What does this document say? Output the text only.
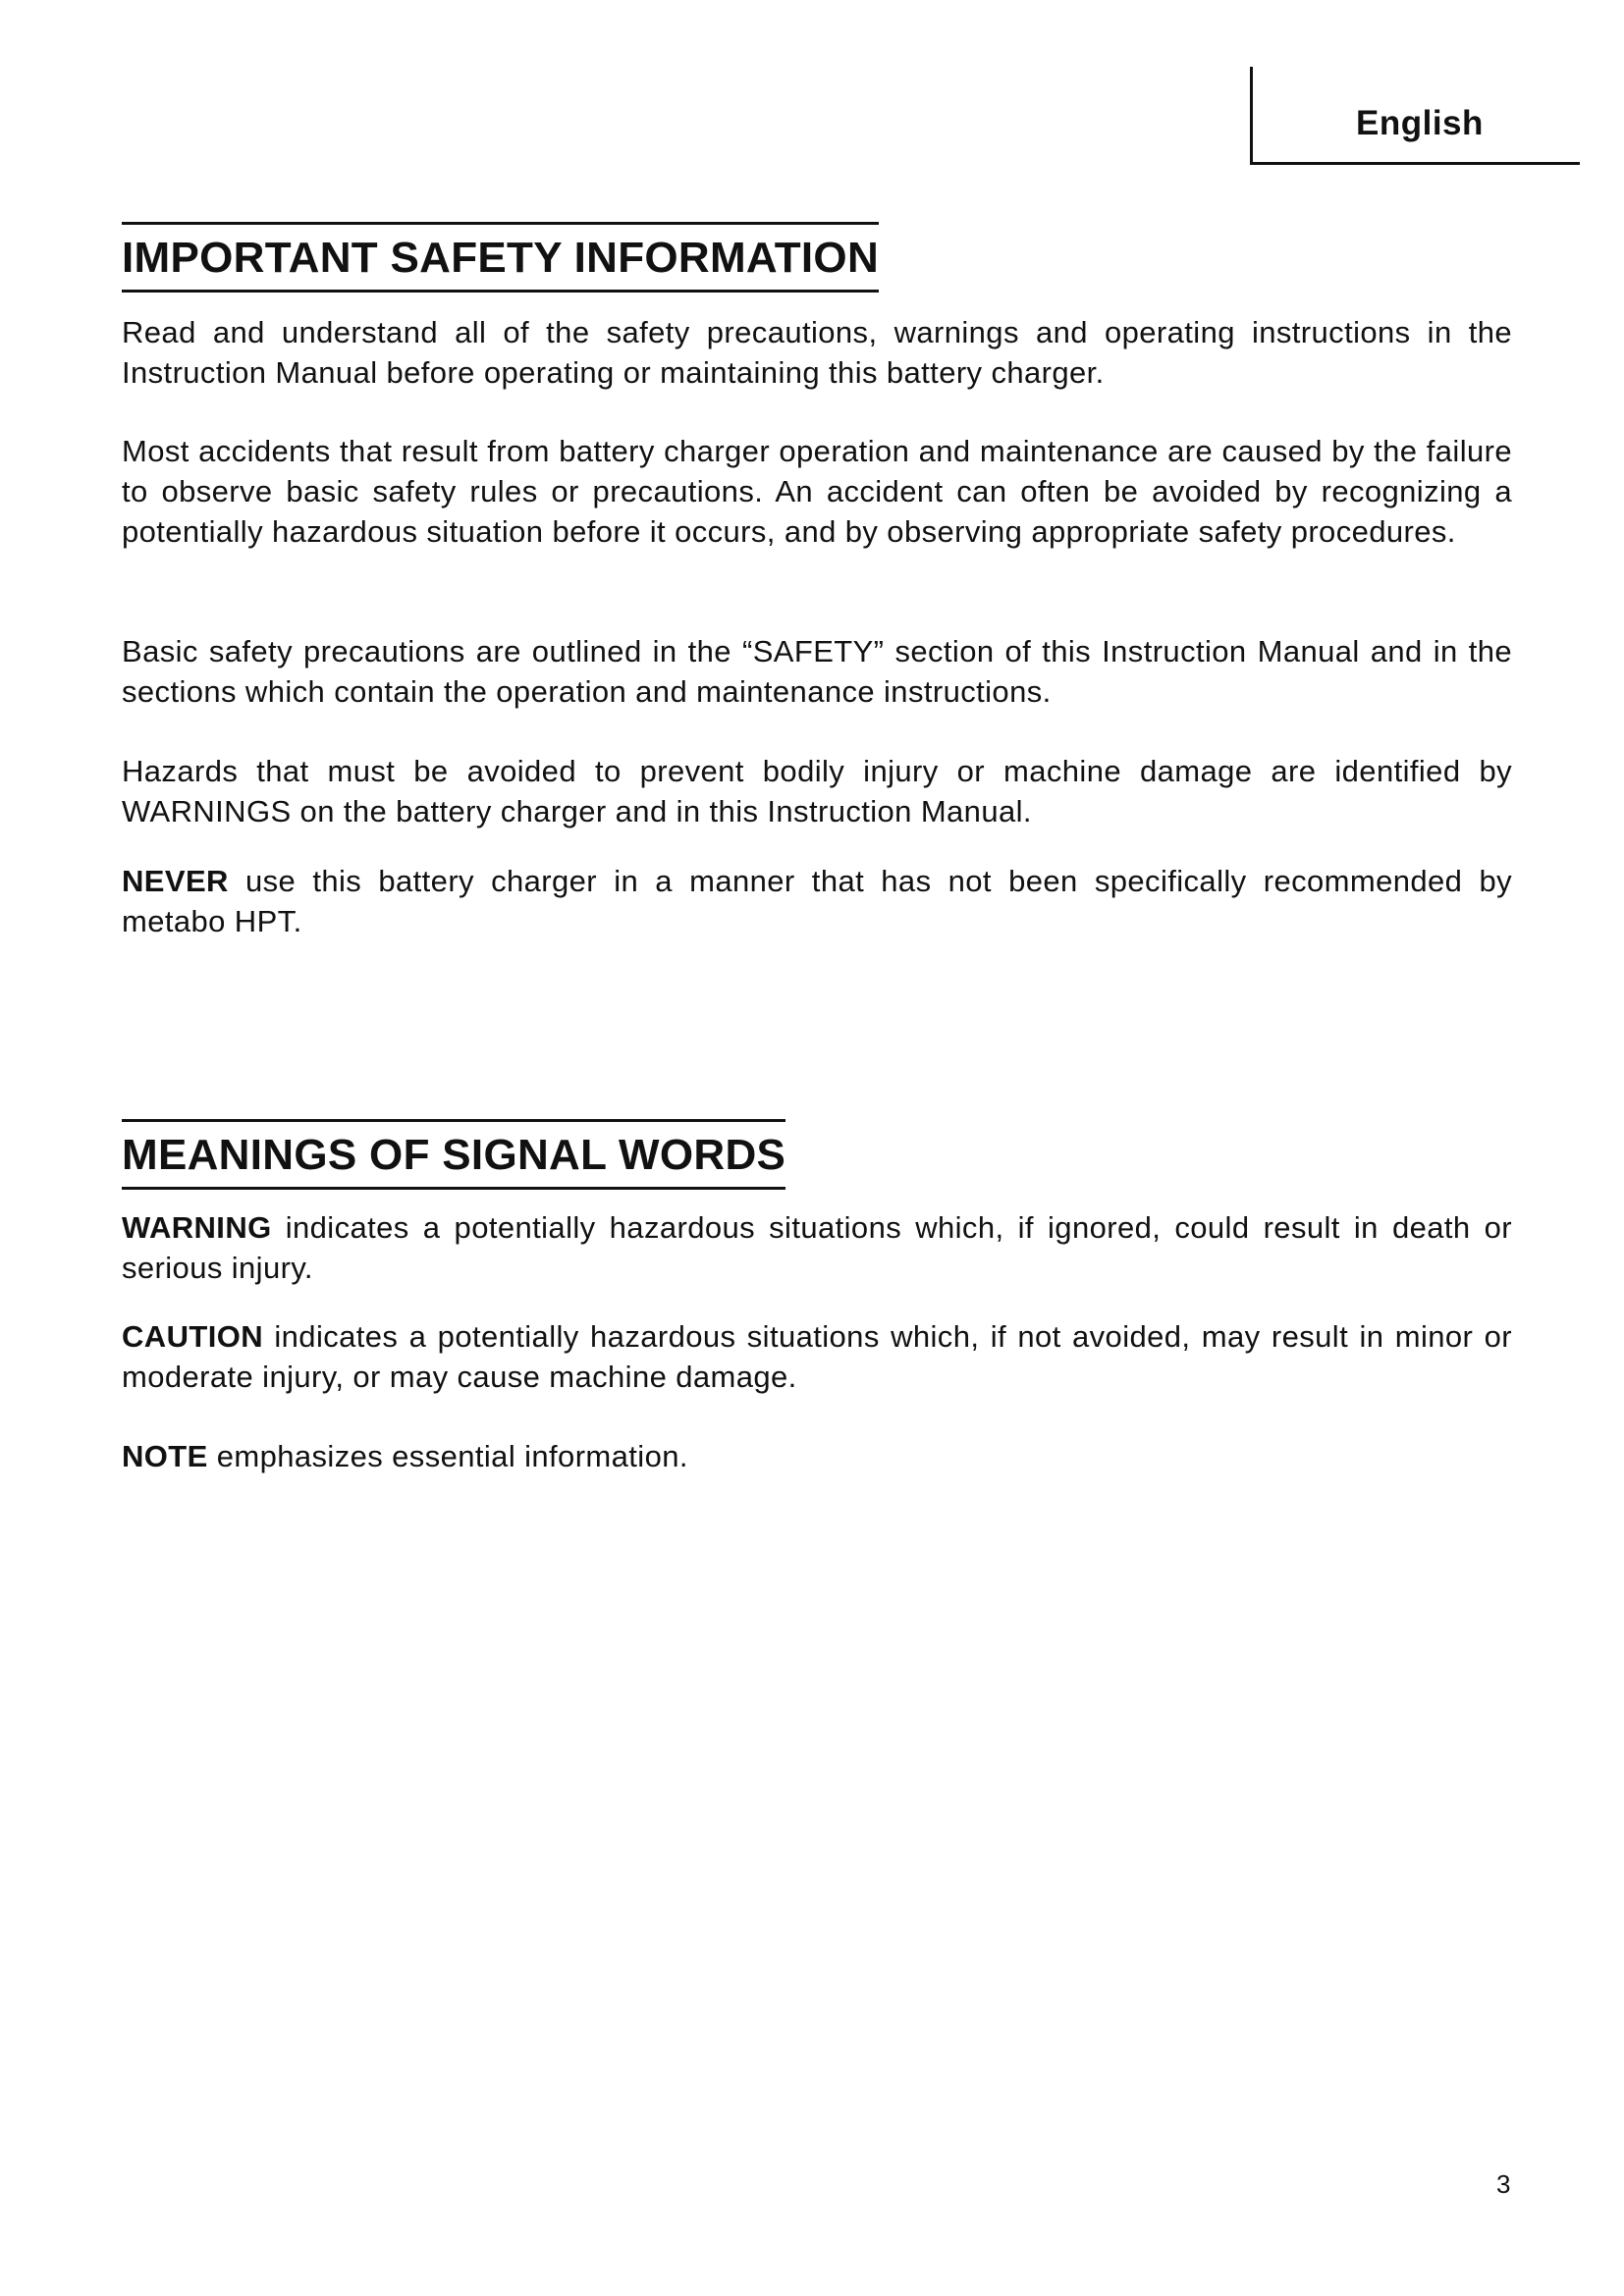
English
IMPORTANT SAFETY INFORMATION

Read and understand all of the safety precautions, warnings and operating instructions in the Instruction Manual before operating or maintaining this battery charger.

Most accidents that result from battery charger operation and maintenance are caused by the failure to observe basic safety rules or precautions. An accident can often be avoided by recognizing a potentially hazardous situation before it occurs, and by observing appropriate safety procedures.

Basic safety precautions are outlined in the “SAFETY” section of this Instruction Manual and in the sections which contain the operation and maintenance instructions.

Hazards that must be avoided to prevent bodily injury or machine damage are identified by WARNINGS on the battery charger and in this Instruction Manual.

NEVER use this battery charger in a manner that has not been specifically recommended by metabo HPT.

MEANINGS OF SIGNAL WORDS

WARNING indicates a potentially hazardous situations which, if ignored, could result in death or serious injury.

CAUTION indicates a potentially hazardous situations which, if not avoided, may result in minor or moderate injury, or may cause machine damage.

NOTE emphasizes essential information.

3
